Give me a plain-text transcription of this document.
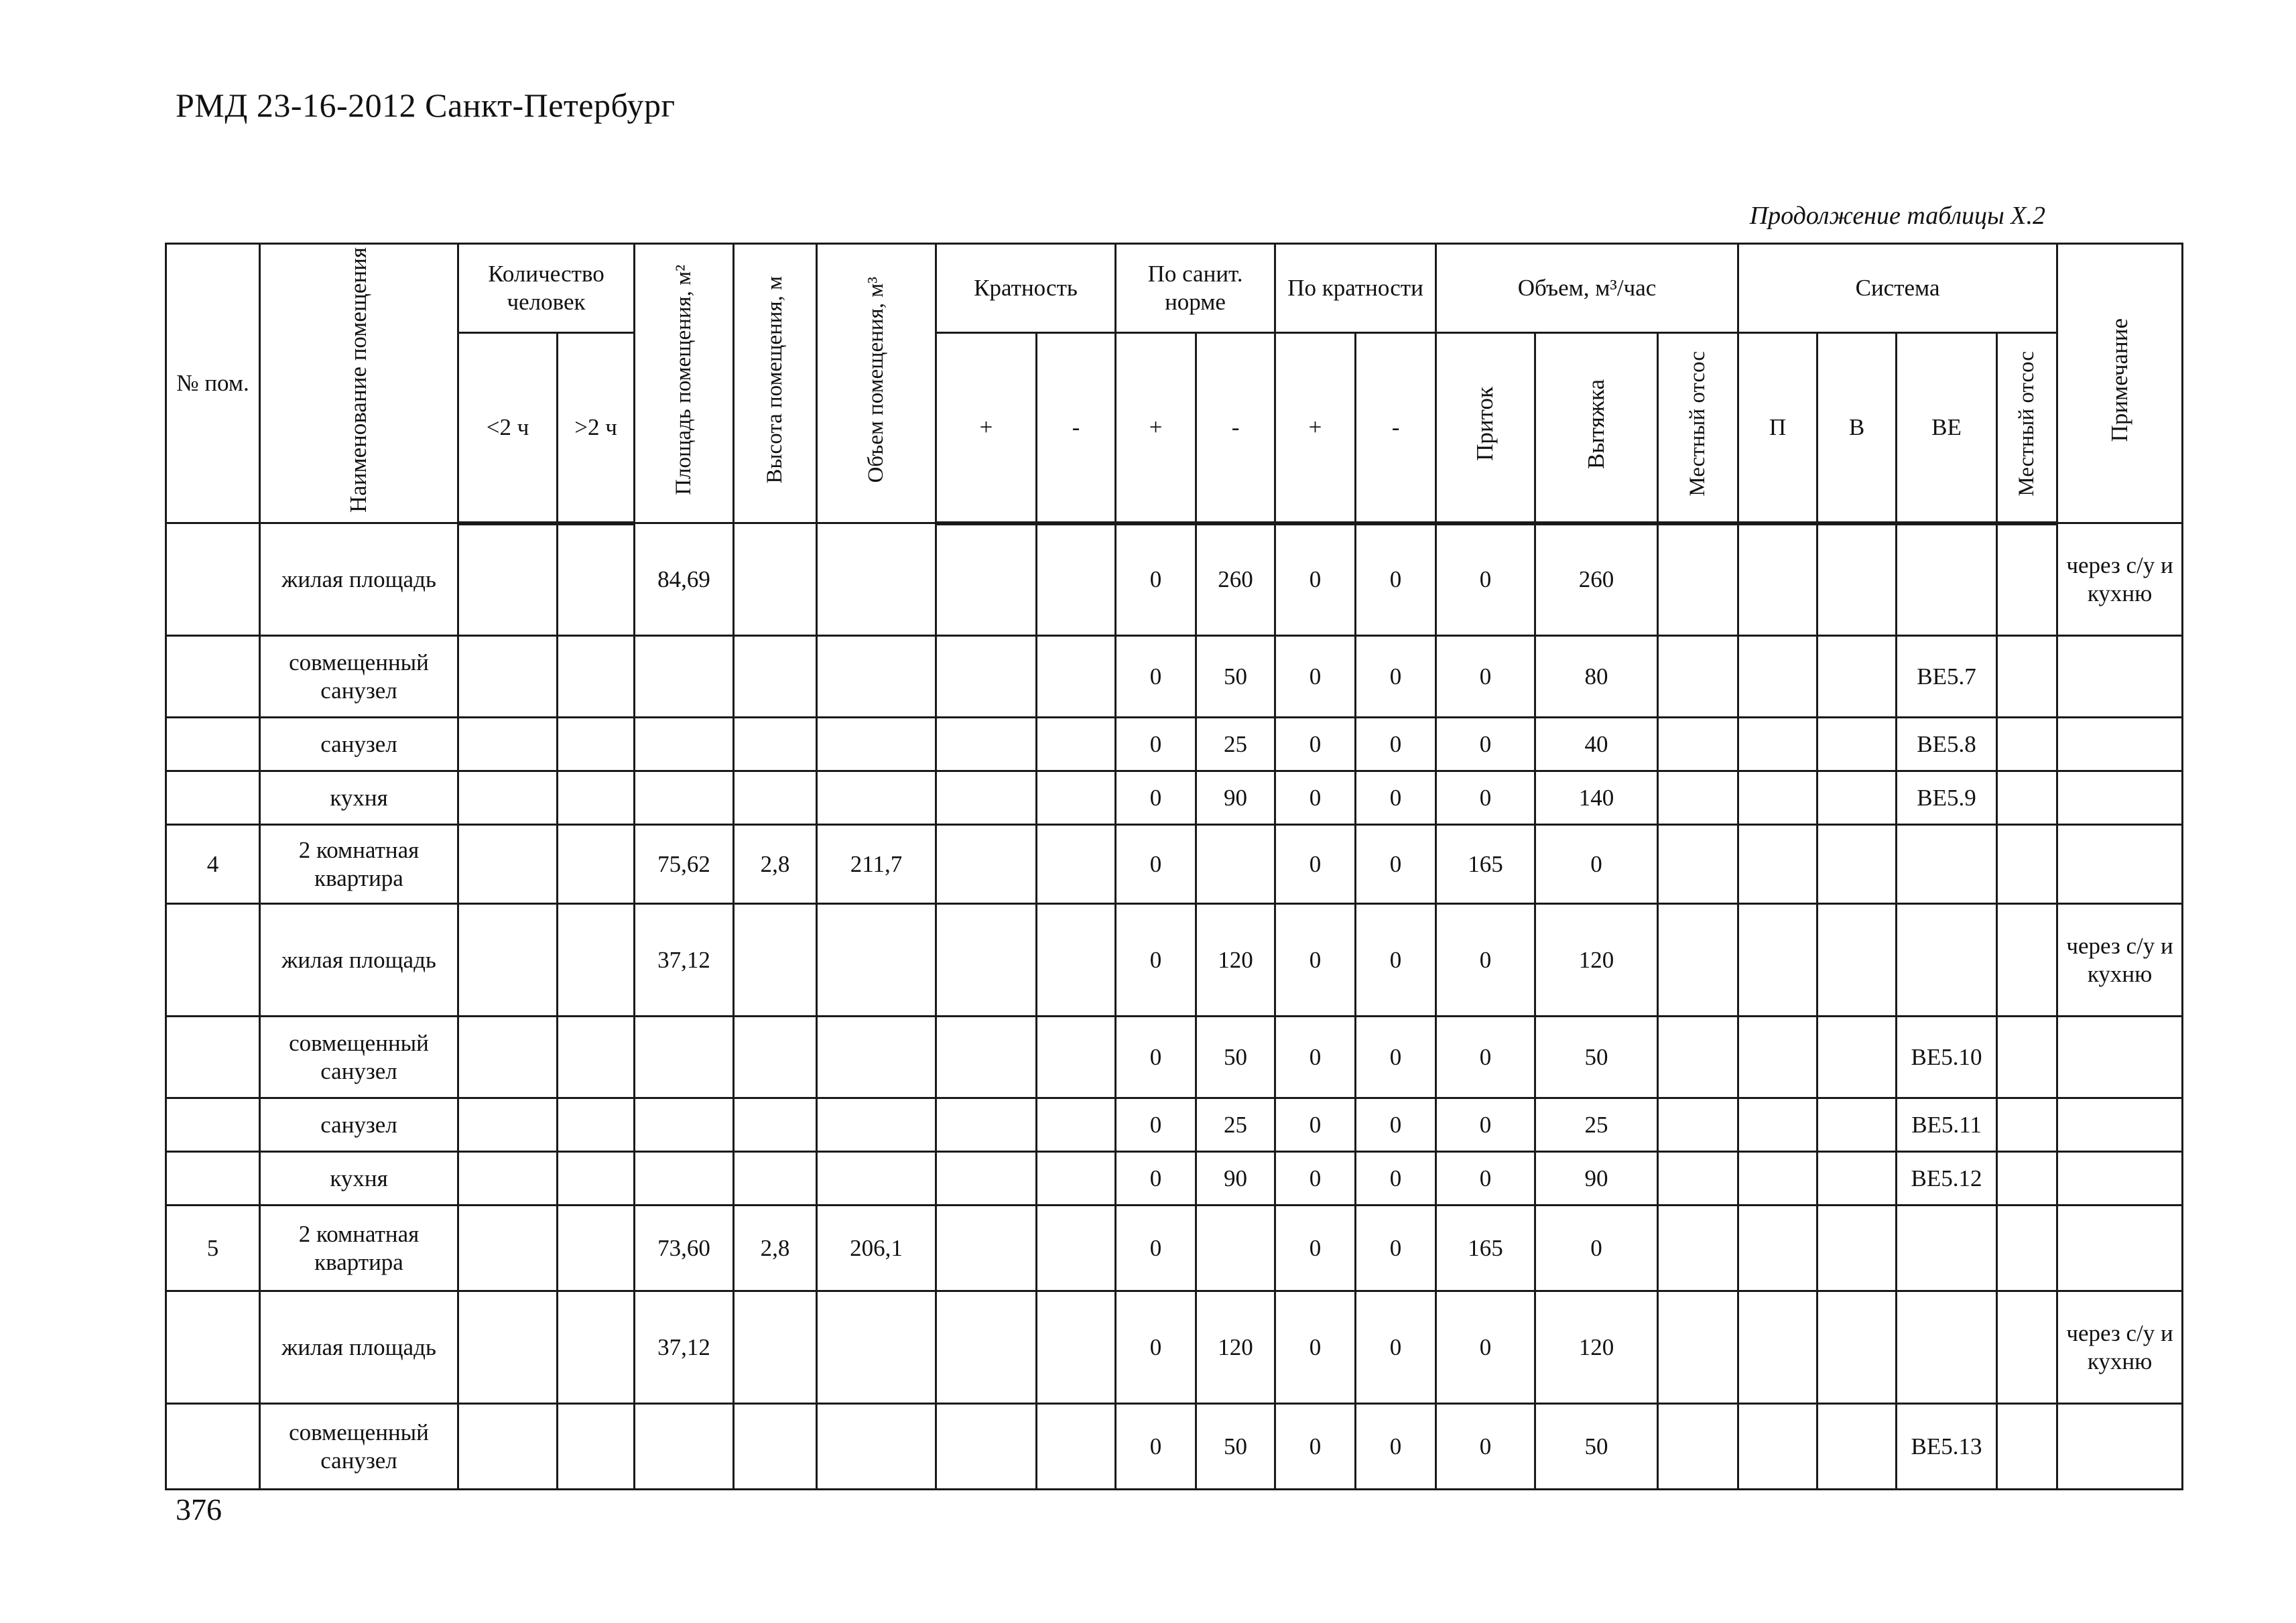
РМД 23-16-2012 Санкт-Петербург
Продолжение таблицы Х.2
№ пом.	Наименование помещения	Количество человек		Площадь помещения, м²	Высота помещения, м	Объем помещения, м³	Кратность		По санит. норме		По кратности		Объем, м³/час			Система				Примечание
		<2 ч	>2 ч				+	-	+	-	+	-	Приток	Вытяжка	Местный отсос	П	В	ВЕ	Местный отсос	
	жилая площадь			84,69					0	260	0	0	0	260						через с/у и кухню
	совмещенный санузел								0	50	0	0	0	80				ВЕ5.7		
	санузел								0	25	0	0	0	40				ВЕ5.8		
	кухня								0	90	0	0	0	140				ВЕ5.9		
4	2 комнатная квартира			75,62	2,8	211,7			0		0	0	165	0						
	жилая площадь			37,12					0	120	0	0	0	120						через с/у и кухню
	совмещенный санузел								0	50	0	0	0	50				ВЕ5.10		
	санузел								0	25	0	0	0	25				ВЕ5.11		
	кухня								0	90	0	0	0	90				ВЕ5.12		
5	2 комнатная квартира			73,60	2,8	206,1			0		0	0	165	0						
	жилая площадь			37,12					0	120	0	0	0	120						через с/у и кухню
	совмещенный санузел								0	50	0	0	0	50				ВЕ5.13		
376
